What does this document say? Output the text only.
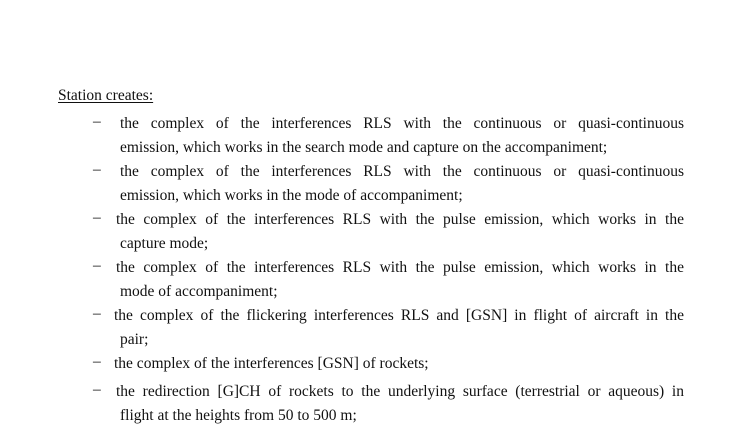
Station creates:
– the complex of the interferences RLS with the continuous or quasi-continuous
emission, which works in the search mode and capture on the accompaniment;

– the complex of the interferences RLS with the continuous or quasi-continuous
emission, which works in the mode of accompaniment;

– the complex of the interferences RLS with the pulse emission, which works in the
capture mode;

– the complex of the interferences RLS with the pulse emission, which works in the
mode of accompaniment;

– the complex of the flickering interferences RLS and [GSN] in flight of aircraft in the
pair;

– the complex of the interferences [GSN] of rockets;

– the redirection [G]CH of rockets to the underlying surface (terrestrial or aqueous) in
flight at the heights from 50 to 500 m;
